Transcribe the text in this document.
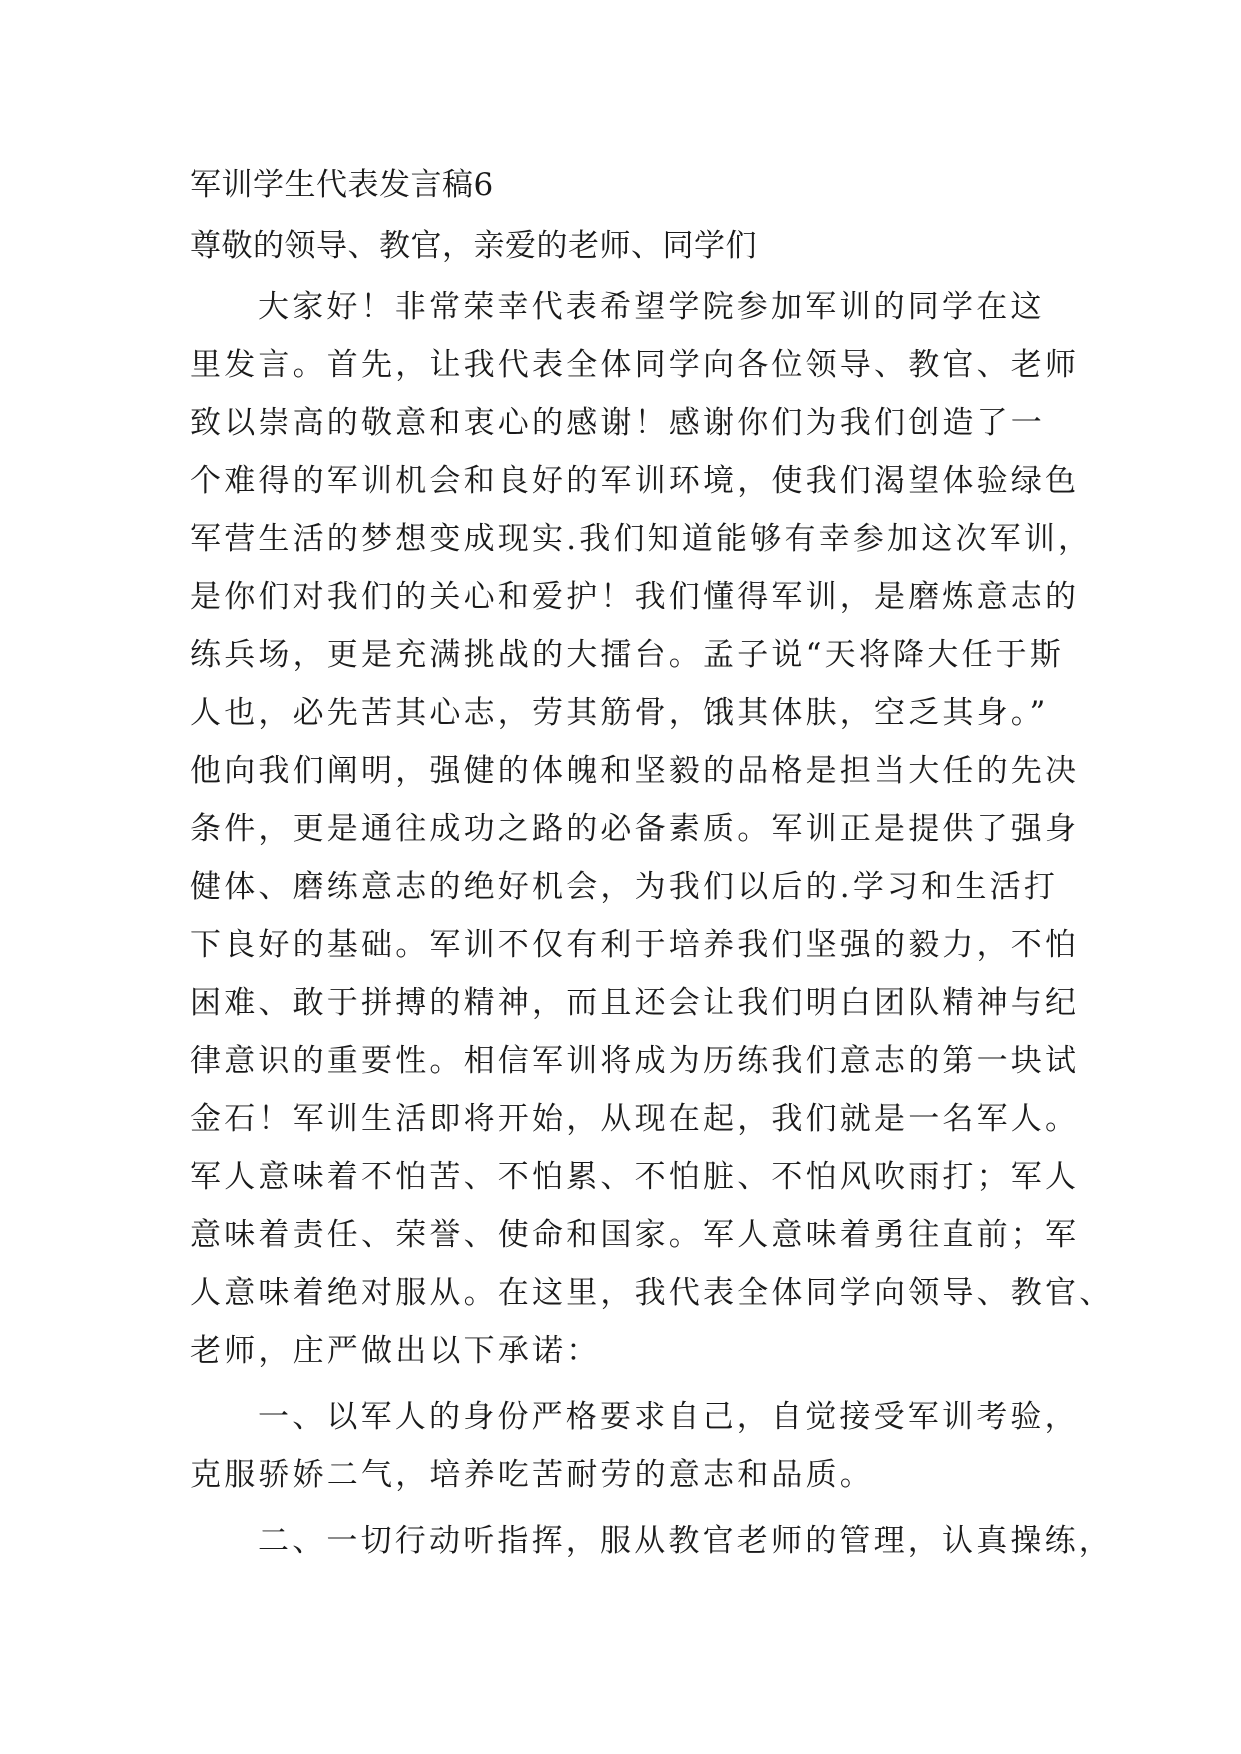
军训学生代表发言稿6
尊敬的领导、教官，亲爱的老师、同学们
大家好！非常荣幸代表希望学院参加军训的同学在这
里发言。首先，让我代表全体同学向各位领导、教官、老师
致以崇高的敬意和衷心的感谢！感谢你们为我们创造了一
个难得的军训机会和良好的军训环境，使我们渴望体验绿色
军营生活的梦想变成现实.我们知道能够有幸参加这次军训，
是你们对我们的关心和爱护！我们懂得军训，是磨炼意志的
练兵场，更是充满挑战的大擂台。孟子说“天将降大任于斯
人也，必先苦其心志，劳其筋骨，饿其体肤，空乏其身。”
他向我们阐明，强健的体魄和坚毅的品格是担当大任的先决
条件，更是通往成功之路的必备素质。军训正是提供了强身
健体、磨练意志的绝好机会，为我们以后的.学习和生活打
下良好的基础。军训不仅有利于培养我们坚强的毅力，不怕
困难、敢于拼搏的精神，而且还会让我们明白团队精神与纪
律意识的重要性。相信军训将成为历练我们意志的第一块试
金石！军训生活即将开始，从现在起，我们就是一名军人。
军人意味着不怕苦、不怕累、不怕脏、不怕风吹雨打；军人
意味着责任、荣誉、使命和国家。军人意味着勇往直前；军
人意味着绝对服从。在这里，我代表全体同学向领导、教官、
老师，庄严做出以下承诺：
一、以军人的身份严格要求自己，自觉接受军训考验，
克服骄娇二气，培养吃苦耐劳的意志和品质。
二、一切行动听指挥，服从教官老师的管理，认真操练，
